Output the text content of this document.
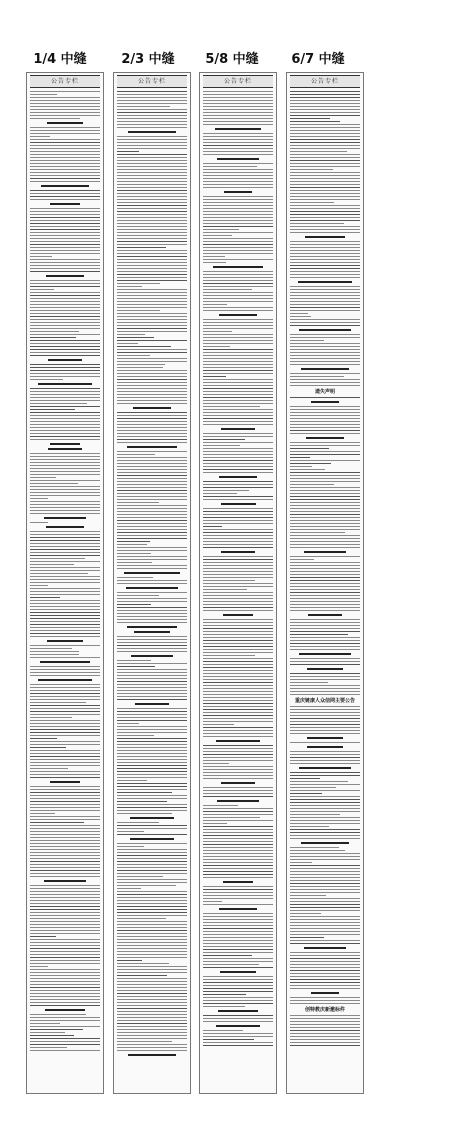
1/4 中缝	2/3 中缝	5/8 中缝	6/7 中缝
公告专栏	公告专栏	公告专栏	公告专栏
遗失声明
重庆链康人众信网主要公告
创特教庆新邀标件
